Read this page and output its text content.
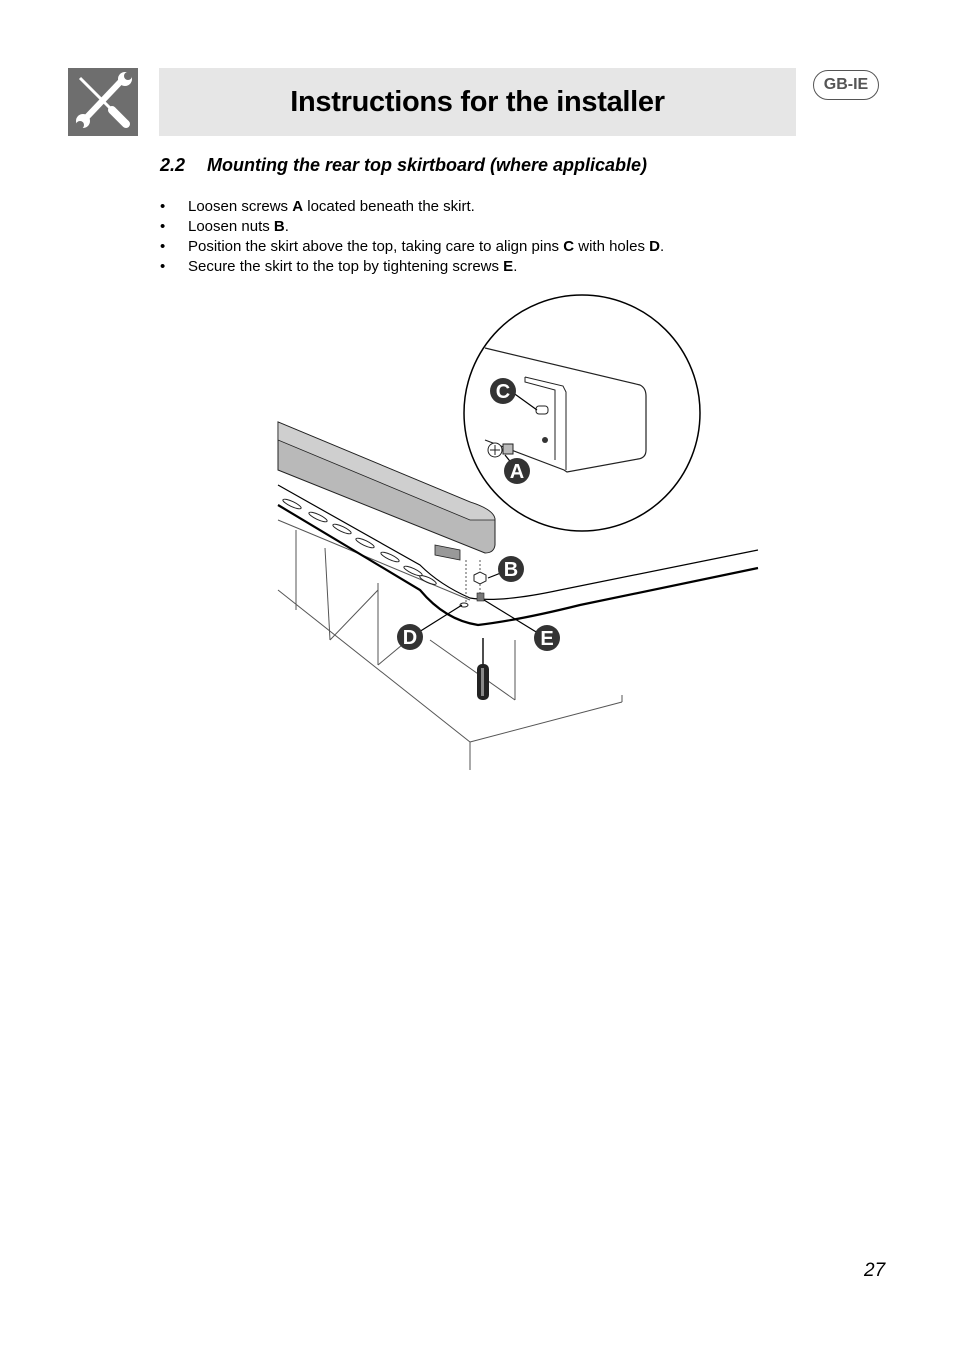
Instructions for the installer
GB-IE
2.2 Mounting the rear top skirtboard (where applicable)
• Loosen screws A located beneath the skirt.
• Loosen nuts B.
• Position the skirt above the top, taking care to align pins C with holes D.
• Secure the skirt to the top by tightening screws E.
C
A
B
D	E
27
